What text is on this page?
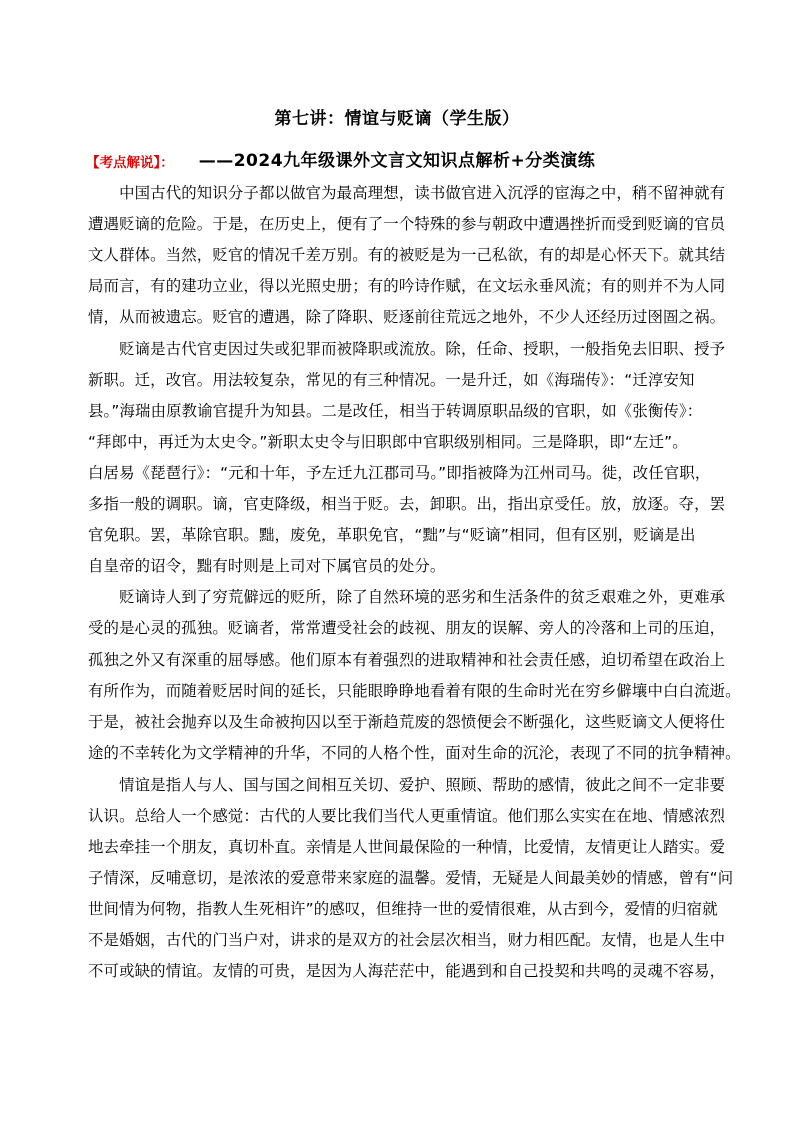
第七讲：情谊与贬谪（学生版）
——2024九年级课外文言文知识点解析+分类演练
【考点解说】：
　　中国古代的知识分子都以做官为最高理想，读书做官进入沉浮的宦海之中，稍不留神就有
遭遇贬谪的危险。于是，在历史上，便有了一个特殊的参与朝政中遭遇挫折而受到贬谪的官员
文人群体。当然，贬官的情况千差万别。有的被贬是为一己私欲，有的却是心怀天下。就其结
局而言，有的建功立业，得以光照史册；有的吟诗作赋，在文坛永垂风流；有的则并不为人同
情，从而被遗忘。贬官的遭遇，除了降职、贬逐前往荒远之地外，不少人还经历过囹圄之祸。
　　贬谪是古代官吏因过失或犯罪而被降职或流放。除，任命、授职，一般指免去旧职、授予
新职。迁，改官。用法较复杂，常见的有三种情况。一是升迁，如《海瑞传》：“迁淳安知
县。”海瑞由原教谕官提升为知县。二是改任，相当于转调原职品级的官职，如《张衡传》：
“拜郎中，再迁为太史令。”新职太史令与旧职郎中官职级别相同。三是降职，即“左迁”。
白居易《琵琶行》：“元和十年，予左迁九江郡司马。”即指被降为江州司马。徙，改任官职，
多指一般的调职。谪，官吏降级，相当于贬。去，卸职。出，指出京受任。放，放逐。夺，罢
官免职。罢，革除官职。黜，废免，革职免官，“黜”与“贬谪”相同，但有区别，贬谪是出
自皇帝的诏令，黜有时则是上司对下属官员的处分。
　　贬谪诗人到了穷荒僻远的贬所，除了自然环境的恶劣和生活条件的贫乏艰难之外，更难承
受的是心灵的孤独。贬谪者，常常遭受社会的歧视、朋友的误解、旁人的冷落和上司的压迫，
孤独之外又有深重的屈辱感。他们原本有着强烈的进取精神和社会责任感，迫切希望在政治上
有所作为，而随着贬居时间的延长，只能眼睁睁地看着有限的生命时光在穷乡僻壤中白白流逝。
于是，被社会抛弃以及生命被拘囚以至于渐趋荒废的怨愤便会不断强化，这些贬谪文人便将仕
途的不幸转化为文学精神的升华，不同的人格个性，面对生命的沉沦，表现了不同的抗争精神。
　　情谊是指人与人、国与国之间相互关切、爱护、照顾、帮助的感情，彼此之间不一定非要
认识。总给人一个感觉：古代的人要比我们当代人更重情谊。他们那么实实在在地、情感浓烈
地去牵挂一个朋友，真切朴直。亲情是人世间最保险的一种情，比爱情，友情更让人踏实。爱
子情深，反哺意切，是浓浓的爱意带来家庭的温馨。爱情，无疑是人间最美妙的情感，曾有“问
世间情为何物，指教人生死相许”的感叹，但维持一世的爱情很难，从古到今，爱情的归宿就
不是婚姻，古代的门当户对，讲求的是双方的社会层次相当，财力相匹配。友情，也是人生中
不可或缺的情谊。友情的可贵，是因为人海茫茫中，能遇到和自己投契和共鸣的灵魂不容易，
